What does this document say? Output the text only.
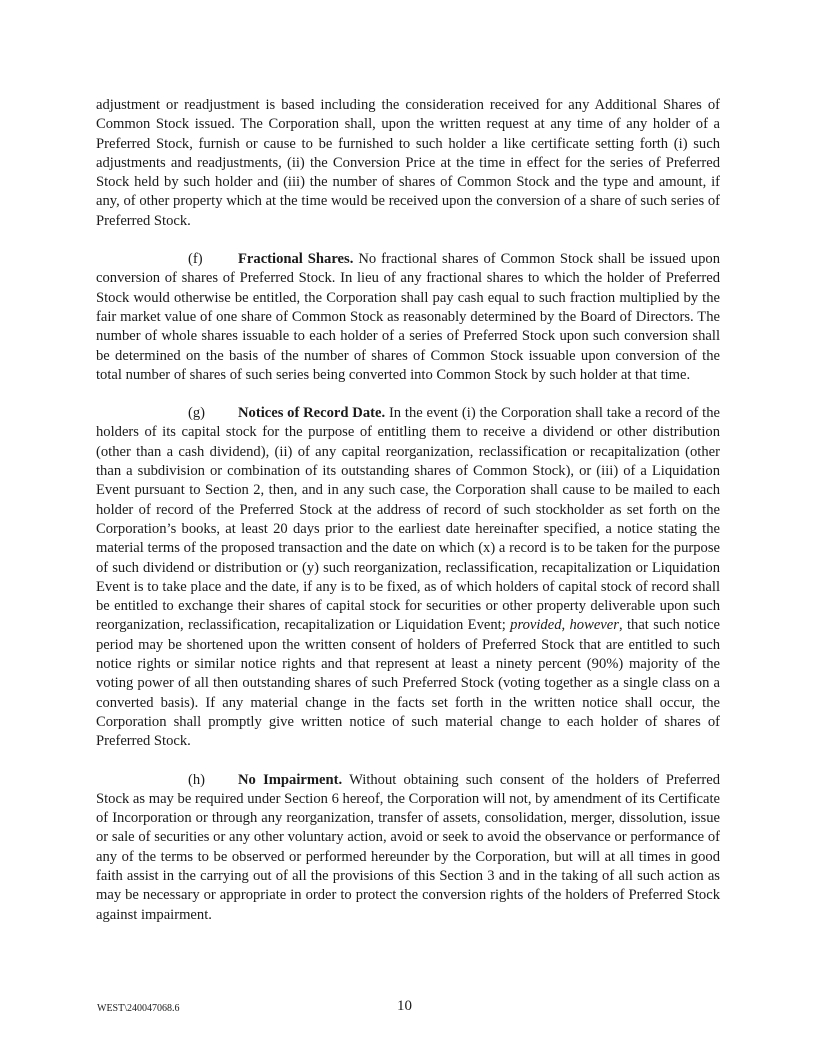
adjustment or readjustment is based including the consideration received for any Additional Shares of Common Stock issued. The Corporation shall, upon the written request at any time of any holder of a Preferred Stock, furnish or cause to be furnished to such holder a like certificate setting forth (i) such adjustments and readjustments, (ii) the Conversion Price at the time in effect for the series of Preferred Stock held by such holder and (iii) the number of shares of Common Stock and the type and amount, if any, of other property which at the time would be received upon the conversion of a share of such series of Preferred Stock.

(f) Fractional Shares. No fractional shares of Common Stock shall be issued upon conversion of shares of Preferred Stock. In lieu of any fractional shares to which the holder of Preferred Stock would otherwise be entitled, the Corporation shall pay cash equal to such fraction multiplied by the fair market value of one share of Common Stock as reasonably determined by the Board of Directors. The number of whole shares issuable to each holder of a series of Preferred Stock upon such conversion shall be determined on the basis of the number of shares of Common Stock issuable upon conversion of the total number of shares of such series being converted into Common Stock by such holder at that time.

(g) Notices of Record Date. In the event (i) the Corporation shall take a record of the holders of its capital stock for the purpose of entitling them to receive a dividend or other distribution (other than a cash dividend), (ii) of any capital reorganization, reclassification or recapitalization (other than a subdivision or combination of its outstanding shares of Common Stock), or (iii) of a Liquidation Event pursuant to Section 2, then, and in any such case, the Corporation shall cause to be mailed to each holder of record of the Preferred Stock at the address of record of such stockholder as set forth on the Corporation’s books, at least 20 days prior to the earliest date hereinafter specified, a notice stating the material terms of the proposed transaction and the date on which (x) a record is to be taken for the purpose of such dividend or distribution or (y) such reorganization, reclassification, recapitalization or Liquidation Event is to take place and the date, if any is to be fixed, as of which holders of capital stock of record shall be entitled to exchange their shares of capital stock for securities or other property deliverable upon such reorganization, reclassification, recapitalization or Liquidation Event; provided, however, that such notice period may be shortened upon the written consent of holders of Preferred Stock that are entitled to such notice rights or similar notice rights and that represent at least a ninety percent (90%) majority of the voting power of all then outstanding shares of such Preferred Stock (voting together as a single class on a converted basis). If any material change in the facts set forth in the written notice shall occur, the Corporation shall promptly give written notice of such material change to each holder of shares of Preferred Stock.

(h) No Impairment. Without obtaining such consent of the holders of Preferred Stock as may be required under Section 6 hereof, the Corporation will not, by amendment of its Certificate of Incorporation or through any reorganization, transfer of assets, consolidation, merger, dissolution, issue or sale of securities or any other voluntary action, avoid or seek to avoid the observance or performance of any of the terms to be observed or performed hereunder by the Corporation, but will at all times in good faith assist in the carrying out of all the provisions of this Section 3 and in the taking of all such action as may be necessary or appropriate in order to protect the conversion rights of the holders of Preferred Stock against impairment.

WEST\240047068.6	10
